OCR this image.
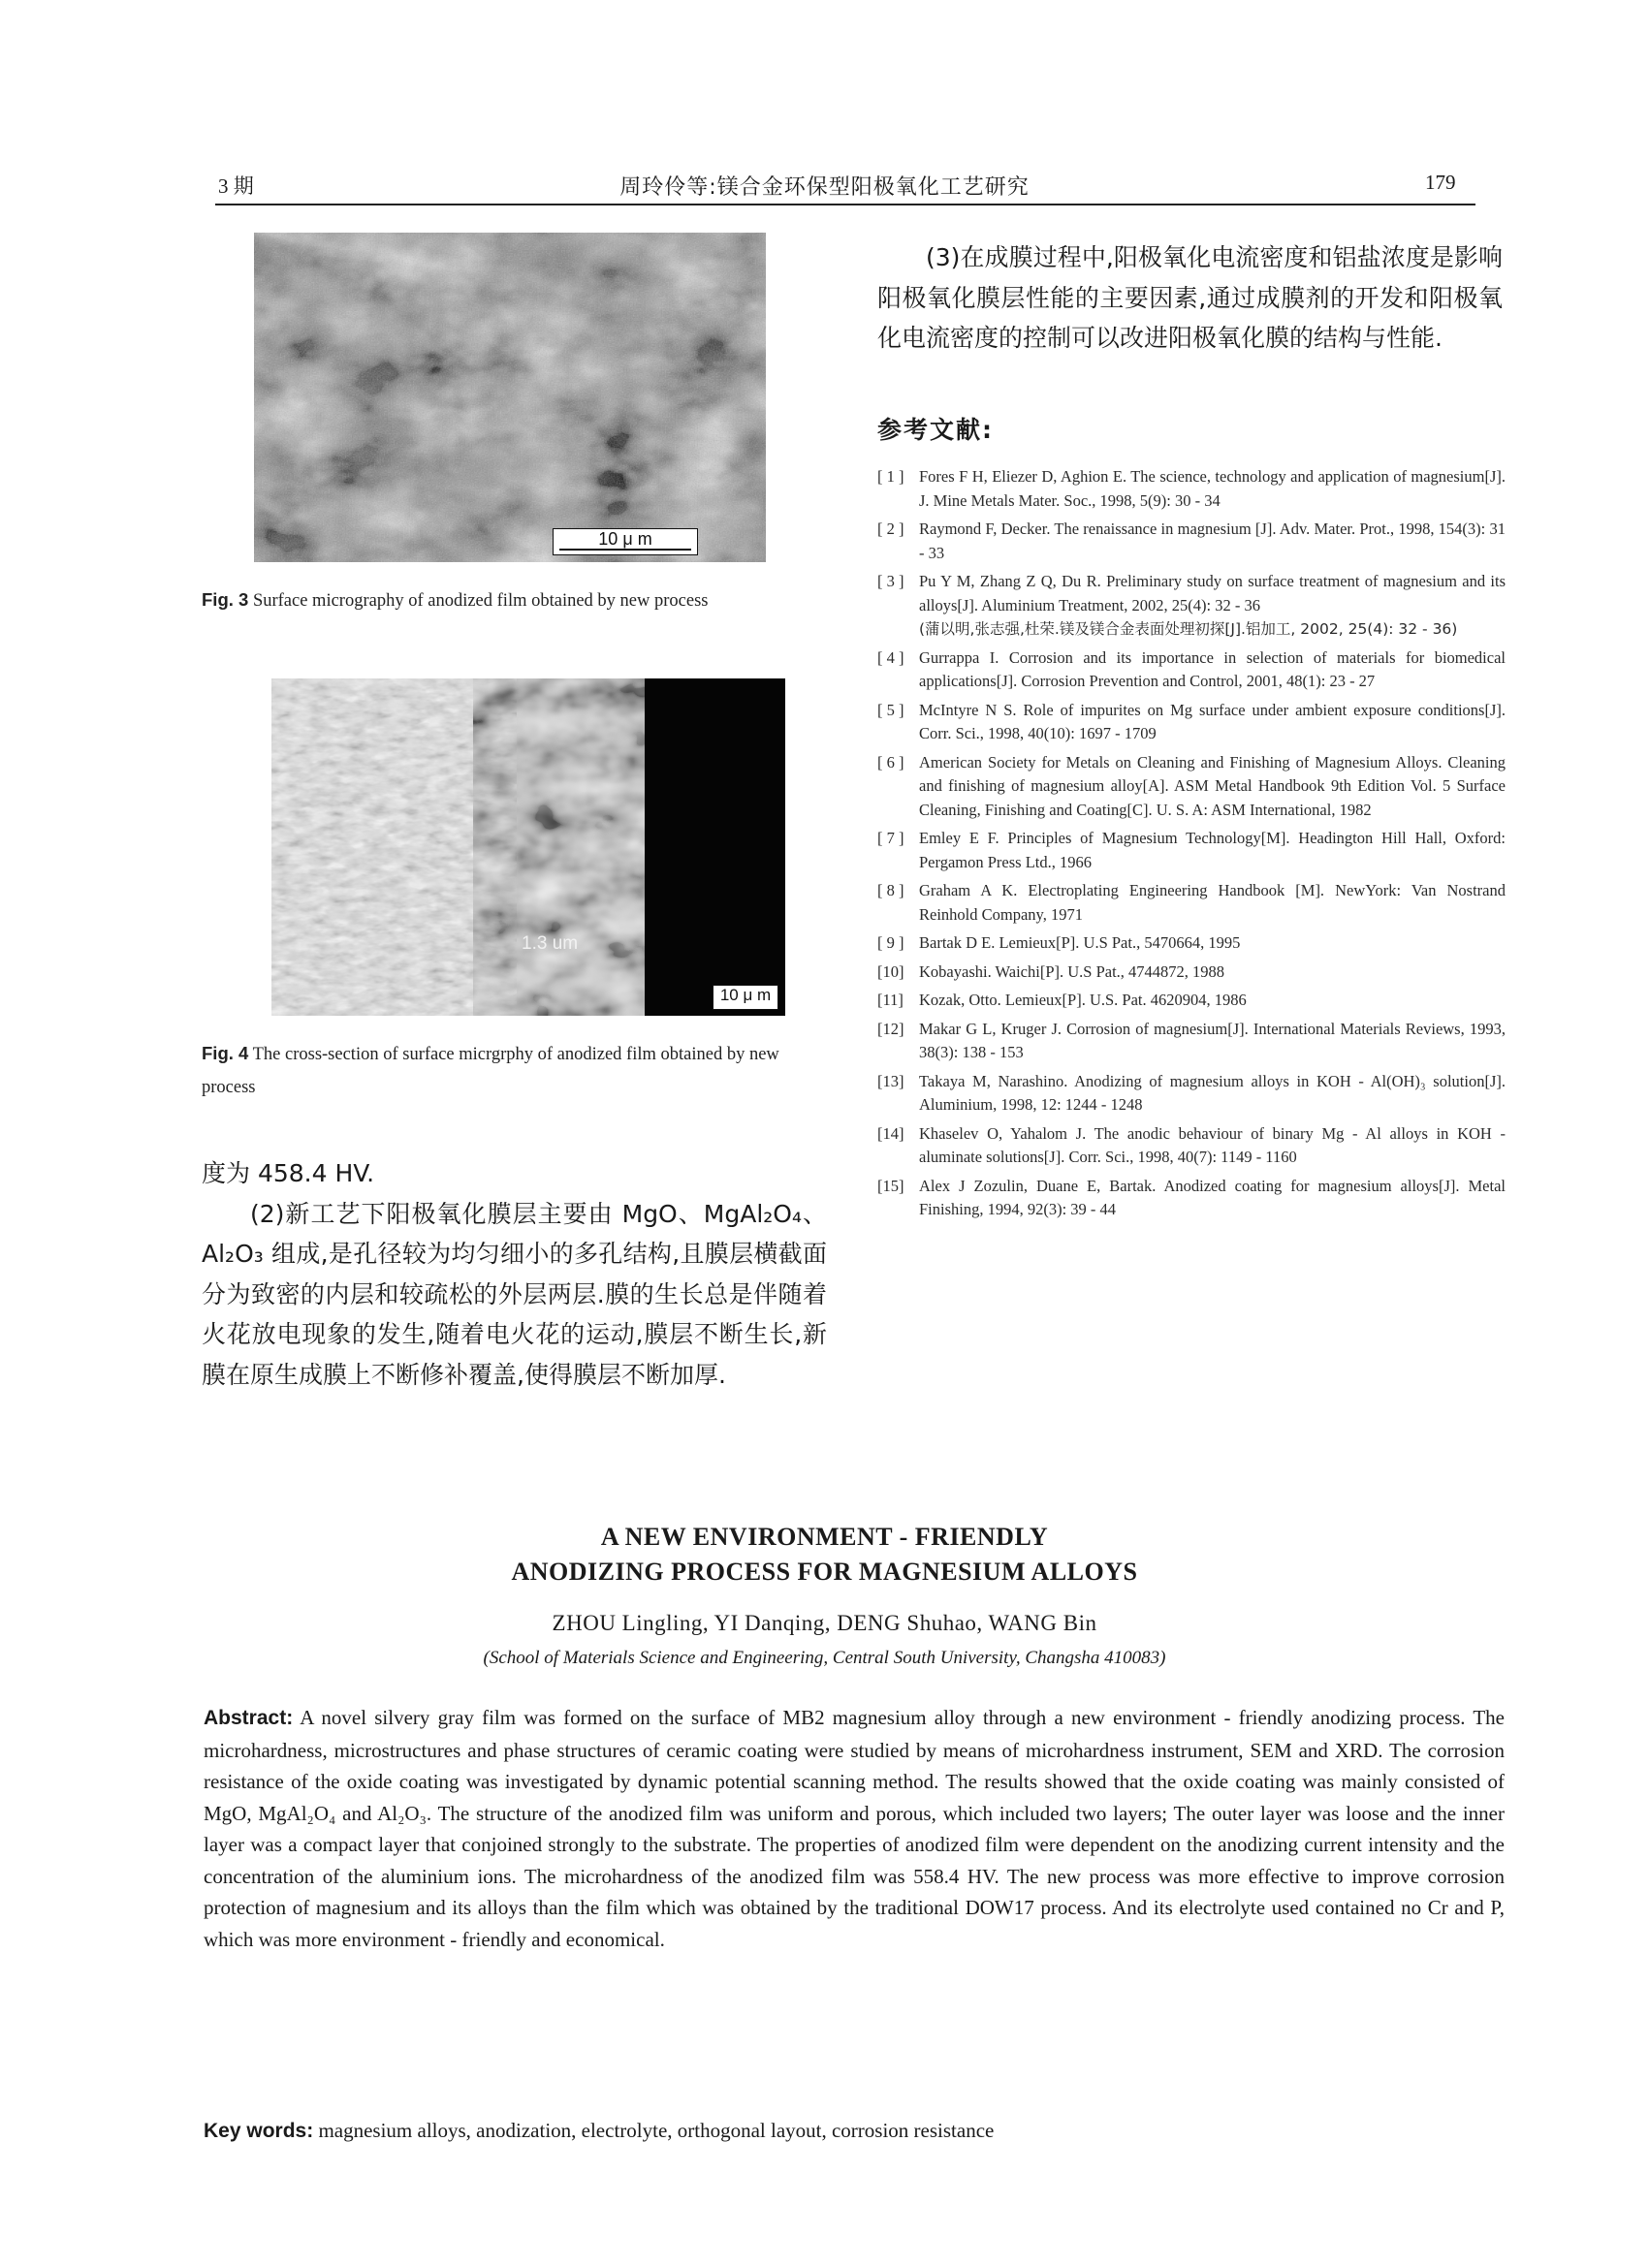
3 期	周玲伶等:镁合金环保型阳极氧化工艺研究	179
10 μ m
Fig. 3 Surface micrography of anodized film obtained by new process
1.3 um
10 μ m
Fig. 4 The cross-section of surface micrgrphy of anodized film obtained by new process
度为 458.4 HV.
(2)新工艺下阳极氧化膜层主要由 MgO、MgAl₂O₄、Al₂O₃ 组成,是孔径较为均匀细小的多孔结构,且膜层横截面分为致密的内层和较疏松的外层两层.膜的生长总是伴随着火花放电现象的发生,随着电火花的运动,膜层不断生长,新膜在原生成膜上不断修补覆盖,使得膜层不断加厚.
(3)在成膜过程中,阳极氧化电流密度和铝盐浓度是影响阳极氧化膜层性能的主要因素,通过成膜剂的开发和阳极氧化电流密度的控制可以改进阳极氧化膜的结构与性能.
参考文献:
[ 1 ] Fores F H, Eliezer D, Aghion E. The science, technology and application of magnesium[J]. J. Mine Metals Mater. Soc., 1998, 5(9): 30 - 34
[ 2 ] Raymond F, Decker. The renaissance in magnesium [J]. Adv. Mater. Prot., 1998, 154(3): 31 - 33
[ 3 ] Pu Y M, Zhang Z Q, Du R. Preliminary study on surface treatment of magnesium and its alloys[J]. Aluminium Treatment, 2002, 25(4): 32 - 36
(蒲以明,张志强,杜荣.镁及镁合金表面处理初探[J].铝加工, 2002, 25(4): 32 - 36)
[ 4 ] Gurrappa I. Corrosion and its importance in selection of materials for biomedical applications[J]. Corrosion Prevention and Control, 2001, 48(1): 23 - 27
[ 5 ] McIntyre N S. Role of impurites on Mg surface under ambient exposure conditions[J]. Corr. Sci., 1998, 40(10): 1697 - 1709
[ 6 ] American Society for Metals on Cleaning and Finishing of Magnesium Alloys. Cleaning and finishing of magnesium alloy[A]. ASM Metal Handbook 9th Edition Vol. 5 Surface Cleaning, Finishing and Coating[C]. U. S. A: ASM International, 1982
[ 7 ] Emley E F. Principles of Magnesium Technology[M]. Headington Hill Hall, Oxford: Pergamon Press Ltd., 1966
[ 8 ] Graham A K. Electroplating Engineering Handbook [M]. NewYork: Van Nostrand Reinhold Company, 1971
[ 9 ] Bartak D E. Lemieux[P]. U.S Pat., 5470664, 1995
[10] Kobayashi. Waichi[P]. U.S Pat., 4744872, 1988
[11] Kozak, Otto. Lemieux[P]. U.S. Pat. 4620904, 1986
[12] Makar G L, Kruger J. Corrosion of magnesium[J]. International Materials Reviews, 1993, 38(3): 138 - 153
[13] Takaya M, Narashino. Anodizing of magnesium alloys in KOH - Al(OH)₃ solution[J]. Aluminium, 1998, 12: 1244 - 1248
[14] Khaselev O, Yahalom J. The anodic behaviour of binary Mg - Al alloys in KOH - aluminate solutions[J]. Corr. Sci., 1998, 40(7): 1149 - 1160
[15] Alex J Zozulin, Duane E, Bartak. Anodized coating for magnesium alloys[J]. Metal Finishing, 1994, 92(3): 39 - 44
A NEW ENVIRONMENT - FRIENDLY
ANODIZING PROCESS FOR MAGNESIUM ALLOYS
ZHOU Lingling, YI Danqing, DENG Shuhao, WANG Bin
(School of Materials Science and Engineering, Central South University, Changsha 410083)
Abstract: A novel silvery gray film was formed on the surface of MB2 magnesium alloy through a new environment - friendly anodizing process. The microhardness, microstructures and phase structures of ceramic coating were studied by means of microhardness instrument, SEM and XRD. The corrosion resistance of the oxide coating was investigated by dynamic potential scanning method. The results showed that the oxide coating was mainly consisted of MgO, MgAl₂O₄ and Al₂O₃. The structure of the anodized film was uniform and porous, which included two layers; The outer layer was loose and the inner layer was a compact layer that conjoined strongly to the substrate. The properties of anodized film were dependent on the anodizing current intensity and the concentration of the aluminium ions. The microhardness of the anodized film was 558.4 HV. The new process was more effective to improve corrosion protection of magnesium and its alloys than the film which was obtained by the traditional DOW17 process. And its electrolyte used contained no Cr and P, which was more environment - friendly and economical.
Key words: magnesium alloys, anodization, electrolyte, orthogonal layout, corrosion resistance
